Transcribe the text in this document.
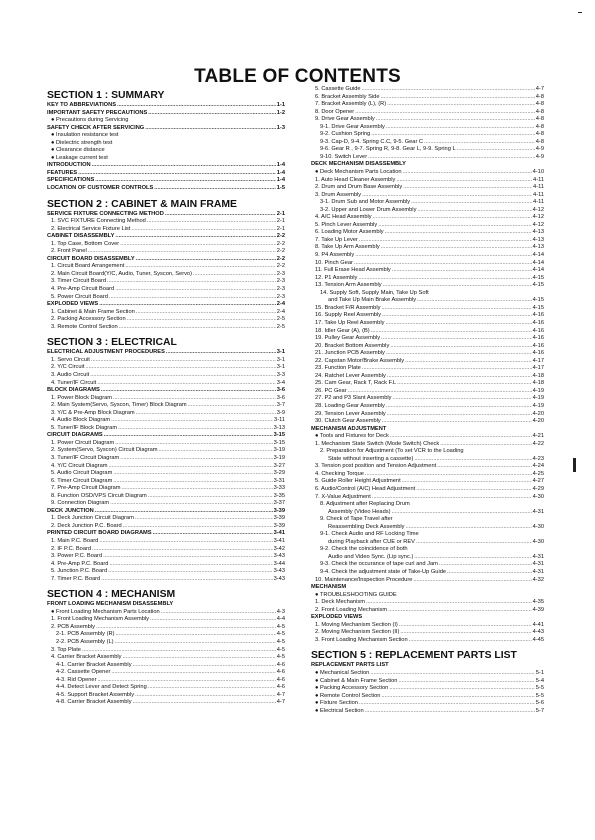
TABLE OF CONTENTS
SECTION 1 : SUMMARY
KEY TO ABBREVIATIONS .....	1-1
IMPORTANT SAFETY PRECAUTIONS .....	1-2
● Precautions during Servicing
SAFETY CHECK AFTER SERVICING .....	1-3
● Insulation resistance test
● Dielectric strength test
● Clearance distance
● Leakage current test
INTRODUCTION .....	1-4
FEATURES .....	1-4
SPECIFICATIONS .....	1-4
LOCATION OF CUSTOMER CONTROLS .....	1-5
SECTION 2 : CABINET & MAIN FRAME
SERVICE FIXTURE CONNECTING METHOD .....	2-1
1. SVC FIXTURE Connecting Method .....	2-1
2. Electrical Service Fixture List .....	2-1
CABINET DISASSEMBLY .....	2-2
1. Top Case, Bottom Cover .....	2-2
2. Front Panel .....	2-2
CIRCUIT BOARD DISASSEMBLY .....	2-2
1. Circuit Board Arrangement .....	2-2
2. Main Circuit Board(Y/C, Audio, Tuner, Syscon, Servo) .....	2-3
3. Timer Circuit Board .....	2-3
4. Pre-Amp Circuit Board .....	2-3
5. Power Circuit Board .....	2-3
EXPLODED VIEWS .....	2-4
1. Cabinet & Main Frame Section .....	2-4
2. Packing Accessory Section .....	2-5
3. Remote Control Section .....	2-5
SECTION 3 : ELECTRICAL
ELECTRICAL ADJUSTMENT PROCEDURES .....	3-1
1. Servo Circuit .....	3-1
2. Y/C Circuit .....	3-1
3. Audio Circuit .....	3-3
4. Tuner/IF Circuit .....	3-4
BLOCK DIAGRAMS .....	3-6
1. Power Block Diagram .....	3-6
2. Main System(Servo, Syscon, Timer) Block Diagram .....	3-7
3. Y/C & Pre-Amp Block Diagram .....	3-9
4. Audio Block Diagram .....	3-11
5. Tuner/IF Block Diagram .....	3-13
CIRCUIT DIAGRAMS .....	3-15
1. Power Circuit Diagram .....	3-15
2. System(Servo, Syscon) Circuit Diagram .....	3-19
3. Tuner/IF Circuit Diagram .....	3-19
4. Y/C Circuit Diagram .....	3-27
5. Audio Circuit Diagram .....	3-29
6. Timer Circuit Diagram .....	3-31
7. Pre-Amp Circuit Diagram .....	3-33
8. Function OSD/VPS Circuit Diagram .....	3-35
9. Connection Diagram .....	3-37
DECK JUNCTION .....	3-39
1. Deck Junction Circuit Diagram .....	3-39
2. Deck Junction P.C. Board .....	3-39
PRINTED CIRCUIT BOARD DIAGRAMS .....	3-41
1. Main P.C. Board .....	3-41
2. IF P.C. Board .....	3-42
3. Power P.C. Board .....	3-43
4. Pre-Amp P.C. Board .....	3-44
5. Junction P.C. Board .....	3-43
7. Timer P.C. Board .....	3-43
SECTION 4 : MECHANISM
FRONT LOADING MECHANISM DISASSEMBLY
● Front Loading Mechanism Parts Location .....	4-3
1. Front Loading Mechanism Assembly .....	4-4
2. PCB Assembly .....	4-5
2-1. PCB Assembly (R) .....	4-5
2-2. PCB Assembly (L) .....	4-5
3. Top Plate .....	4-5
4. Carrier Bracket Assembly .....	4-5
4-1. Carrier Bracket Assembly .....	4-6
4-2. Cassette Opener .....	4-6
4-3. Rid Opener .....	4-6
4-4. Detect Lever and Detect Spring .....	4-6
4-5. Support Bracket Assembly .....	4-7
4-8. Carrier Bracket Assembly .....	4-7
5. Cassette Guide .....	4-7
6. Bracket Assembly Side .....	4-8
7. Bracket Assembly (L), (R) .....	4-8
8. Door Opener .....	4-8
9. Drive Gear Assembly .....	4-8
9-1. Drive Gear Assembly .....	4-8
9-2. Cushion Spring .....	4-8
9-3. Cap-D, 9-4. Spring C.C, 9-5. Gear C .....	4-8
9-6. Gear R , 9-7. Spring R, 9-8. Gear L, 9-9. Spring L .....	4-9
9-10. Switch Lever .....	4-9
DECK MECHANISM DISASSEMBLY
● Deck Mechanism Parts Location .....	4-10
1. Auto Head Cleaner Assembly .....	4-11
2. Drum and Drum Base Assembly .....	4-11
3. Drum Assembly .....	4-11
3-1. Drum Sub and Motor Assembly .....	4-11
3-2. Upper and Lower Drum Assembly .....	4-12
4. A/C Head Assembly .....	4-12
5. Pinch Lever Assembly .....	4-12
6. Loading Motor Assembly .....	4-13
7. Take Up Lever .....	4-13
8. Take Up Arm Assembly .....	4-13
9. P4 Assembly .....	4-14
10. Pinch Gear .....	4-14
11. Full Erase Head Assembly .....	4-14
12. P1 Assembly .....	4-15
13. Tension Arm Assembly .....	4-15
14. Supply Soft, Supply Main, Take Up Soft
and Take Up Main Brake Assembly .....	4-15
15. Bracket F/R Assembly .....	4-15
16. Supply Reel Assembly .....	4-16
17. Take Up Reel Assembly .....	4-16
18. Idler Gear (A), (B) .....	4-16
19. Pulley Gear Assembly .....	4-16
20. Bracket Bottom Assembly .....	4-16
21. Junction PCB Assembly .....	4-16
22. Capstan Motor/Brake Assembly .....	4-17
23. Function Plate .....	4-17
24. Ratchet Lever Assembly .....	4-18
25. Cam Gear, Rack T, Rack F.L .....	4-18
26. PC Gear .....	4-19
27. P2 and P3 Slant Assembly .....	4-19
28. Loading Gear Assembly .....	4-19
29. Tension Lever Assembly .....	4-20
30. Clutch Gear Assembly .....	4-20
MECHANISM ADJUSTMENT
● Tools and Fixtures for Deck .....	4-21
1. Mechanism State Switch (Mode Switch) Check .....	4-22
2. Preparation for Adjustment (To set VCR to the Loading
State without inserting a cassette) .....	4-23
3. Tension post position and Tension Adjustment .....	4-24
4. Checking Torque .....	4-25
5. Guide Roller Height Adjustment .....	4-27
6. Audio/Control (A/C) Head Adjustment .....	4-29
7. X-Value Adjustment .....	4-30
8. Adjustment after Replacing Drum
Assembly (Video Heads) .....	4-31
9. Check of Tape Travel after
Reassembling Deck Assembly .....	4-30
9-1. Check Audio and RF Locking Time
during Playback after CUE or REV .....	4-30
9-2. Check the coincidence of both
Audio and Video Sync. (Lip sync.) .....	4-31
9-3. Check the occurance of tape curl and Jam .....	4-31
9-4. Check the adjustment state of Take-Up Guide .....	4-31
10. Maintenance/Inspection Procedure .....	4-32
MECHANISM
● TROUBLESHOOTING GUIDE
1. Deck Mechanism .....	4-35
2. Front Loading Mechanism .....	4-39
EXPLODED VIEWS
1. Moving Mechanism Section (I) .....	4-41
2. Moving Mechanism Section (II) .....	4-43
3. Front Loading Mechanism Section .....	4-45
SECTION 5 : REPLACEMENT PARTS LIST
REPLACEMENT PARTS LIST
● Mechanical Section .....	5-1
● Cabinet & Main Frame Section .....	5-4
● Packing Accessory Section .....	5-5
● Remote Control Section .....	5-5
● Fixture Section .....	5-6
● Electrical Section .....	5-7
